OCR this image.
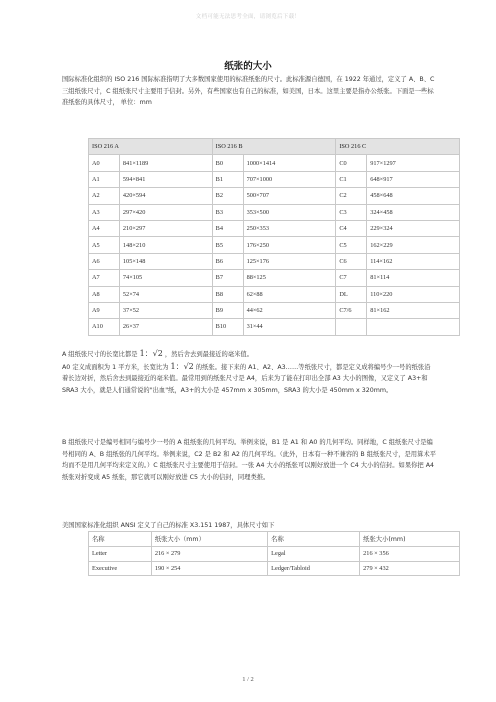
文档可能无法思考全面，请浏览后下载！
纸张的大小

国际标准化组织的 ISO 216 国际标准指明了大多数国家使用的标准纸张的尺寸。此标准源自德国，在 1922 年通过，定义了 A、B、C 三组纸张尺寸，C 组纸张尺寸主要用于信封。另外，有些国家也有自己的标准，如美国，日本。这里主要是指办公纸张。下面是一些标准纸张的具体尺寸， 单位：mm

ISO 216 A		ISO 216 B		ISO 216 C	
A0	841×1189	B0	1000×1414	C0	917×1297
A1	594×841	B1	707×1000	C1	648×917
A2	420×594	B2	500×707	C2	458×648
A3	297×420	B3	353×500	C3	324×458
A4	210×297	B4	250×353	C4	229×324
A5	148×210	B5	176×250	C5	162×229
A6	105×148	B6	125×176	C6	114×162
A7	74×105	B7	88×125	C7	81×114
A8	52×74	B8	62×88	DL	110×220
A9	37×52	B9	44×62	C7/6	81×162
A10	26×37	B10	31×44		

A 组纸张尺寸的长宽比都是 1：√2 ，然后舍去到最接近的毫米值。
A0 定义成面积为 1 平方米，长宽比为 1：√2 的纸张。接下来的 A1、A2、A3……等纸张尺寸，都是定义成将编号少一号的纸张沿着长边对折，然后舍去到最接近的毫米值。最常用到的纸张尺寸是 A4，后来为了能在打印出全部 A3 大小的图像，又定义了 A3+和 SRA3 大小，就是人们通常说的"出血"纸，A3+的大小是 457mm x 305mm，SRA3 的大小是 450mm x 320mm。

B 组纸张尺寸是编号相同与编号少一号的 A 组纸张的几何平均。举例来说，B1 是 A1 和 A0 的几何平均。同样地，C 组纸张尺寸是编号相同的 A、B 组纸张的几何平均。举例来说，C2 是 B2 和 A2 的几何平均。（此外，日本有一种不兼容的 B 组纸张尺寸，是用算术平均而不是用几何平均来定义的。）C 组纸张尺寸主要使用于信封。一张 A4 大小的纸张可以刚好放进一个 C4 大小的信封。如果你把 A4 纸张对折变成 A5 纸张，那它就可以刚好放进 C5 大小的信封，同理类推。

美国国家标准化组织 ANSI 定义了自己的标准 X3.151 1987，具体尺寸如下

名称	纸张大小（mm）	名称	纸张大小(mm)
Letter	216 × 279	Legal	216 × 356
Executive	190 × 254	Ledger/Tabloid	279 × 432
1 / 2
